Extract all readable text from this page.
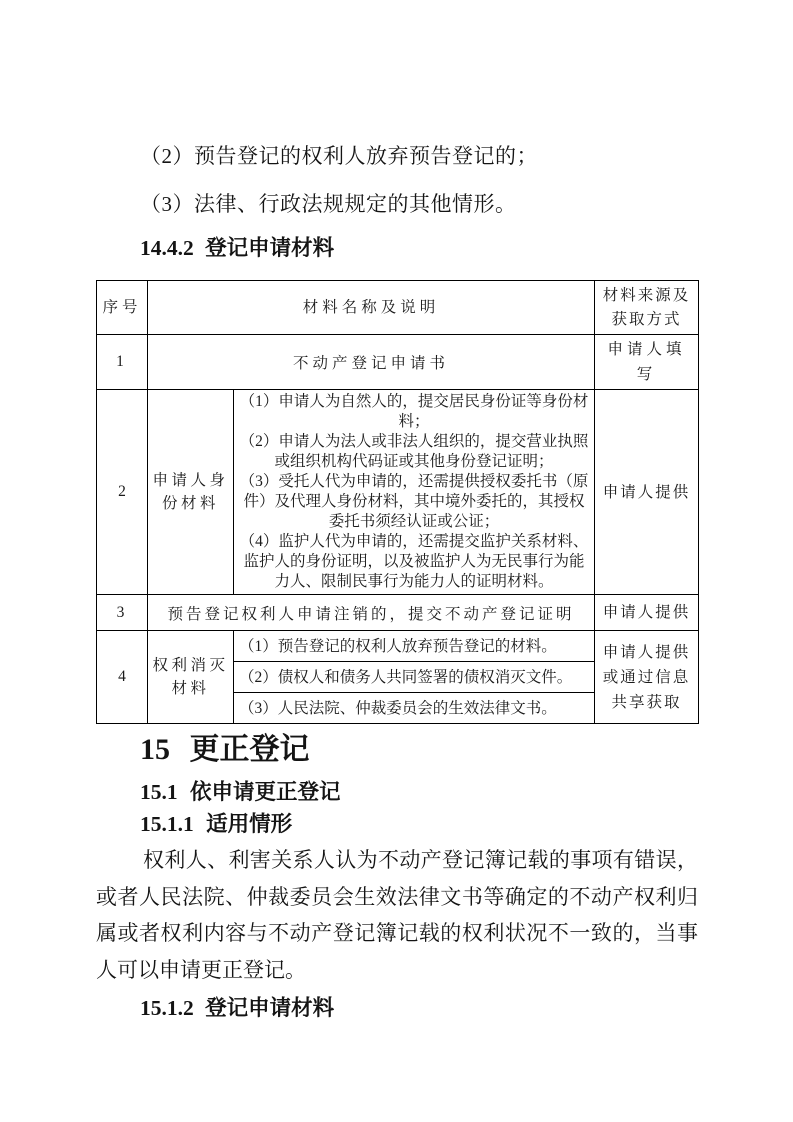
（2）预告登记的权利人放弃预告登记的；

（3）法律、行政法规规定的其他情形。

14.4.2 登记申请材料
序号	材料名称及说明		材料来源及获取方式
1	不动产登记申请书		申请人填写
2	申请人身份材料	（1）申请人为自然人的，提交居民身份证等身份材料；
（2）申请人为法人或非法人组织的，提交营业执照或组织机构代码证或其他身份登记证明；
（3）受托人代为申请的，还需提供授权委托书（原件）及代理人身份材料，其中境外委托的，其授权委托书须经认证或公证；
（4）监护人代为申请的，还需提交监护关系材料、监护人的身份证明，以及被监护人为无民事行为能力人、限制民事行为能力人的证明材料。	申请人提供
3	预告登记权利人申请注销的，提交不动产登记证明		申请人提供
4	权利消灭材料	（1）预告登记的权利人放弃预告登记的材料。	申请人提供或通过信息共享获取
		（2）债权人和债务人共同签署的债权消灭文件。	
		（3）人民法院、仲裁委员会的生效法律文书。	
15 更正登记
15.1 依申请更正登记
15.1.1 适用情形

权利人、利害关系人认为不动产登记簿记载的事项有错误，或者人民法院、仲裁委员会生效法律文书等确定的不动产权利归属或者权利内容与不动产登记簿记载的权利状况不一致的，当事人可以申请更正登记。

15.1.2 登记申请材料
